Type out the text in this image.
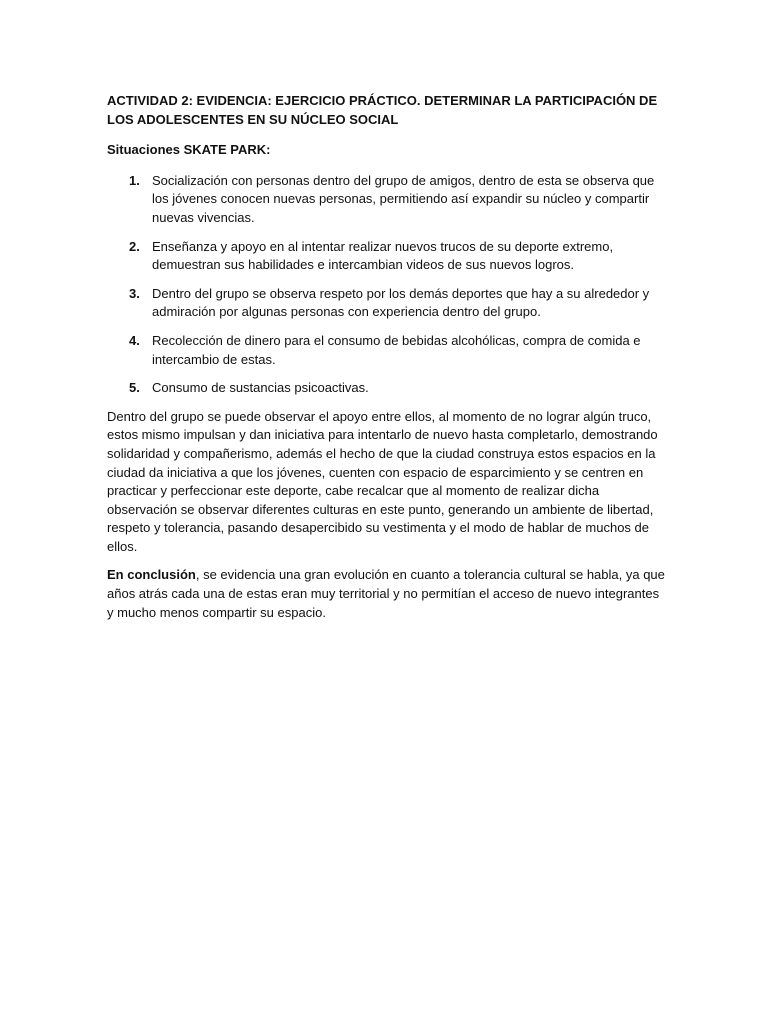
ACTIVIDAD 2: EVIDENCIA: EJERCICIO PRÁCTICO. DETERMINAR LA PARTICIPACIÓN DE LOS ADOLESCENTES EN SU NÚCLEO SOCIAL

Situaciones SKATE PARK:

1. Socialización con personas dentro del grupo de amigos, dentro de esta se observa que los jóvenes conocen nuevas personas, permitiendo así expandir su núcleo y compartir nuevas vivencias.
2. Enseñanza y apoyo en al intentar realizar nuevos trucos de su deporte extremo, demuestran sus habilidades e intercambian videos de sus nuevos logros.
3. Dentro del grupo se observa respeto por los demás deportes que hay a su alrededor y admiración por algunas personas con experiencia dentro del grupo.
4. Recolección de dinero para el consumo de bebidas alcohólicas, compra de comida e intercambio de estas.
5. Consumo de sustancias psicoactivas.

Dentro del grupo se puede observar el apoyo entre ellos, al momento de no lograr algún truco, estos mismo impulsan y dan iniciativa para intentarlo de nuevo hasta completarlo, demostrando solidaridad y compañerismo, además el hecho de que la ciudad construya estos espacios en la ciudad da iniciativa a que los jóvenes, cuenten con espacio de esparcimiento y se centren en practicar y perfeccionar este deporte, cabe recalcar que al momento de realizar dicha observación se observar diferentes culturas en este punto, generando un ambiente de libertad, respeto y tolerancia, pasando desapercibido su vestimenta y el modo de hablar de muchos de ellos.

En conclusión, se evidencia una gran evolución en cuanto a tolerancia cultural se habla, ya que años atrás cada una de estas eran muy territorial y no permitían el acceso de nuevo integrantes y mucho menos compartir su espacio.
